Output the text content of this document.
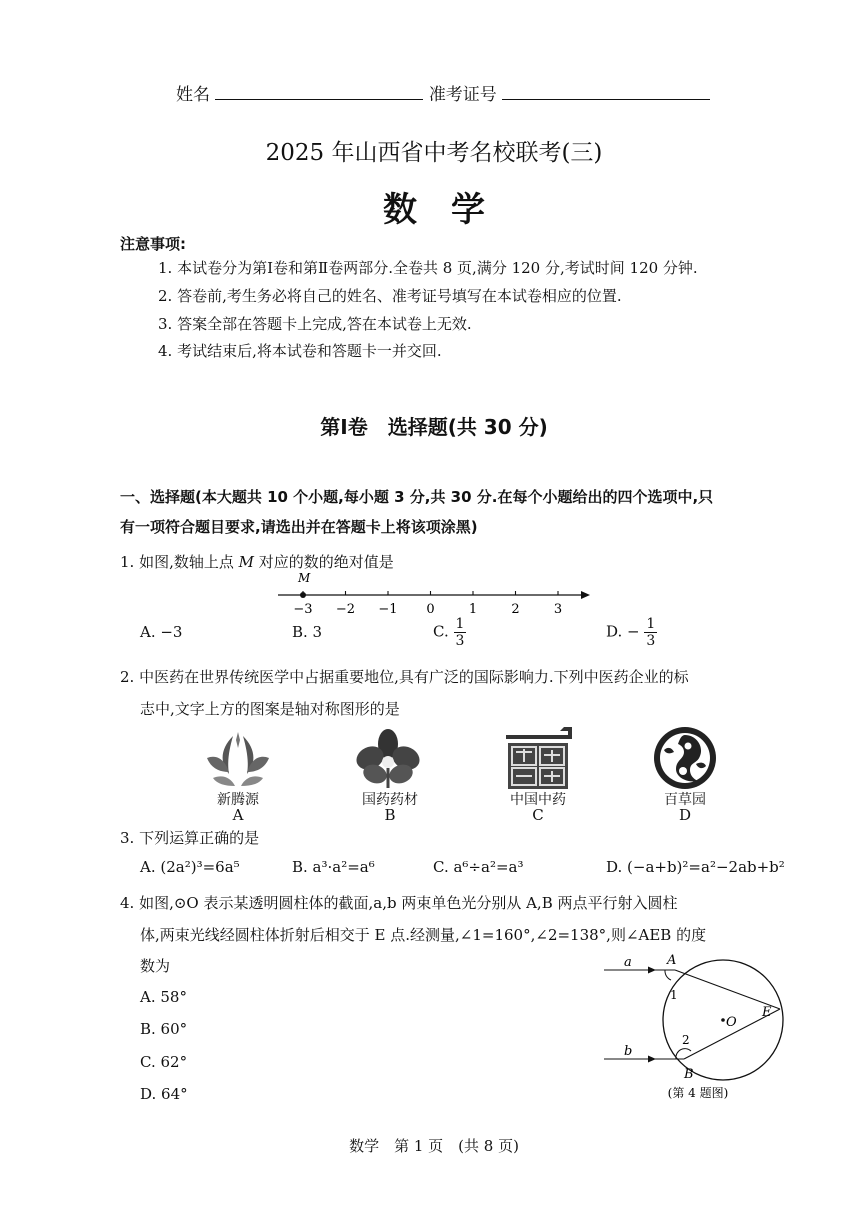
姓名	准考证号
2025 年山西省中考名校联考(三)
数　学
注意事项:
1. 本试卷分为第Ⅰ卷和第Ⅱ卷两部分.全卷共 8 页,满分 120 分,考试时间 120 分钟.
2. 答卷前,考生务必将自己的姓名、准考证号填写在本试卷相应的位置.
3. 答案全部在答题卡上完成,答在本试卷上无效.
4. 考试结束后,将本试卷和答题卡一并交回.
第Ⅰ卷　选择题(共 30 分)
一、选择题(本大题共 10 个小题,每小题 3 分,共 30 分.在每个小题给出的四个选项中,只
有一项符合题目要求,请选出并在答题卡上将该项涂黑)
1. 如图,数轴上点 M 对应的数的绝对值是
−3 −2 −1 0	1	2	3
M
A. −3	B. 3	C. $\frac{1}{3}$	D. − $\frac{1}{3}$
2. 中医药在世界传统医学中占据重要地位,具有广泛的国际影响力.下列中医药企业的标
志中,文字上方的图案是轴对称图形的是
新腾源
A
国药药材
B
中国中药
C
百草园
D
3. 下列运算正确的是
A. (2a²)³=6a⁵	B. a³·a²=a⁶	C. a⁶÷a²=a³	D. (−a+b)²=a²−2ab+b²
4. 如图,⊙O 表示某透明圆柱体的截面,a,b 两束单色光分别从 A,B 两点平行射入圆柱
体,两束光线经圆柱体折射后相交于 E 点.经测量,∠1=160°,∠2=138°,则∠AEB 的度
数为
A. 58°
B. 60°
C. 62°
D. 64°
a
b
A
B
E
O
1
2
(第 4 题图)
数学　第 1 页　(共 8 页)
